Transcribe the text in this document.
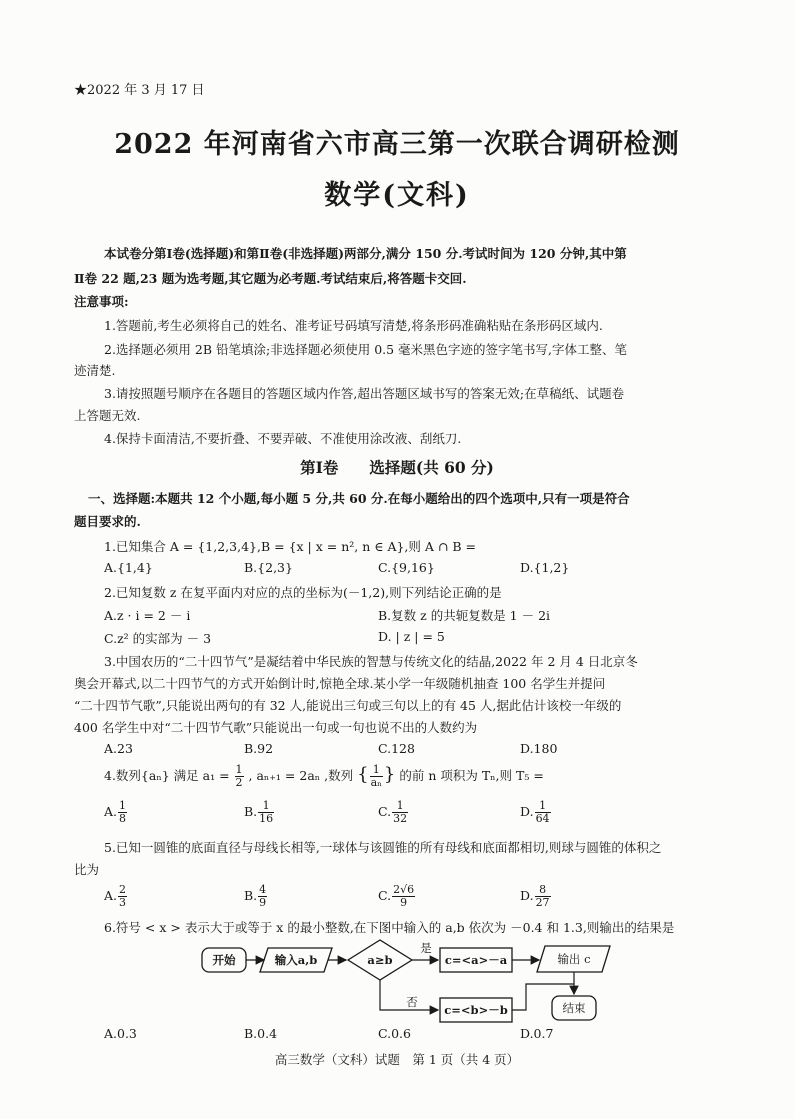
★2022 年 3 月 17 日
2022 年河南省六市高三第一次联合调研检测
数学(文科)
本试卷分第Ⅰ卷(选择题)和第Ⅱ卷(非选择题)两部分,满分 150 分.考试时间为 120 分钟,其中第
Ⅱ卷 22 题,23 题为选考题,其它题为必考题.考试结束后,将答题卡交回.
注意事项:
1.答题前,考生必须将自己的姓名、准考证号码填写清楚,将条形码准确粘贴在条形码区域内.
2.选择题必须用 2B 铅笔填涂;非选择题必须使用 0.5 毫米黑色字迹的签字笔书写,字体工整、笔
迹清楚.
3.请按照题号顺序在各题目的答题区域内作答,超出答题区域书写的答案无效;在草稿纸、试题卷
上答题无效.
4.保持卡面清洁,不要折叠、不要弄破、不准使用涂改液、刮纸刀.
第Ⅰ卷　　选择题(共 60 分)
一、选择题:本题共 12 个小题,每小题 5 分,共 60 分.在每小题给出的四个选项中,只有一项是符合
题目要求的.
1.已知集合 A = {1,2,3,4},B = {x | x = n², n ∈ A},则 A ∩ B =
A.{1,4}	B.{2,3}	C.{9,16}	D.{1,2}
2.已知复数 z 在复平面内对应的点的坐标为(－1,2),则下列结论正确的是
A.z · i = 2 － i	B.复数 z 的共轭复数是 1 － 2i
C.z² 的实部为 － 3	D. | z | = 5
3.中国农历的“二十四节气”是凝结着中华民族的智慧与传统文化的结晶,2022 年 2 月 4 日北京冬
奥会开幕式,以二十四节气的方式开始倒计时,惊艳全球.某小学一年级随机抽查 100 名学生并提问
“二十四节气歌”,只能说出两句的有 32 人,能说出三句或三句以上的有 45 人,据此估计该校一年级的
400 名学生中对“二十四节气歌”只能说出一句或一句也说不出的人数约为
A.23	B.92	C.128	D.180
4.数列{aₙ} 满足 $a_1 = \frac{1}{2}$ , aₙ₊₁ = 2aₙ ,数列 { $\frac{1}{\text{aₙ}}$ } 的前 n 项积为 Tₙ,则 T₅ =
A. $\frac{1}{8}$	B. $\frac{1}{16}$	C. $\frac{1}{32}$	D. $\frac{1}{64}$
5.已知一圆锥的底面直径与母线长相等,一球体与该圆锥的所有母线和底面都相切,则球与圆锥的体积之
比为
A. $\frac{2}{3}$	B. $\frac{4}{9}$	C. $\frac{2√6}{9}$	D. $\frac{8}{27}$
6.符号 < x > 表示大于或等于 x 的最小整数,在下图中输入的 a,b 依次为 －0.4 和 1.3,则输出的结果是
开始	输入a,b	a≥b
是
否
c=<a>－a
c=<b>－b
输出 c
结束
A.0.3	B.0.4	C.0.6	D.0.7
高三数学（文科）试题　第 1 页（共 4 页）
